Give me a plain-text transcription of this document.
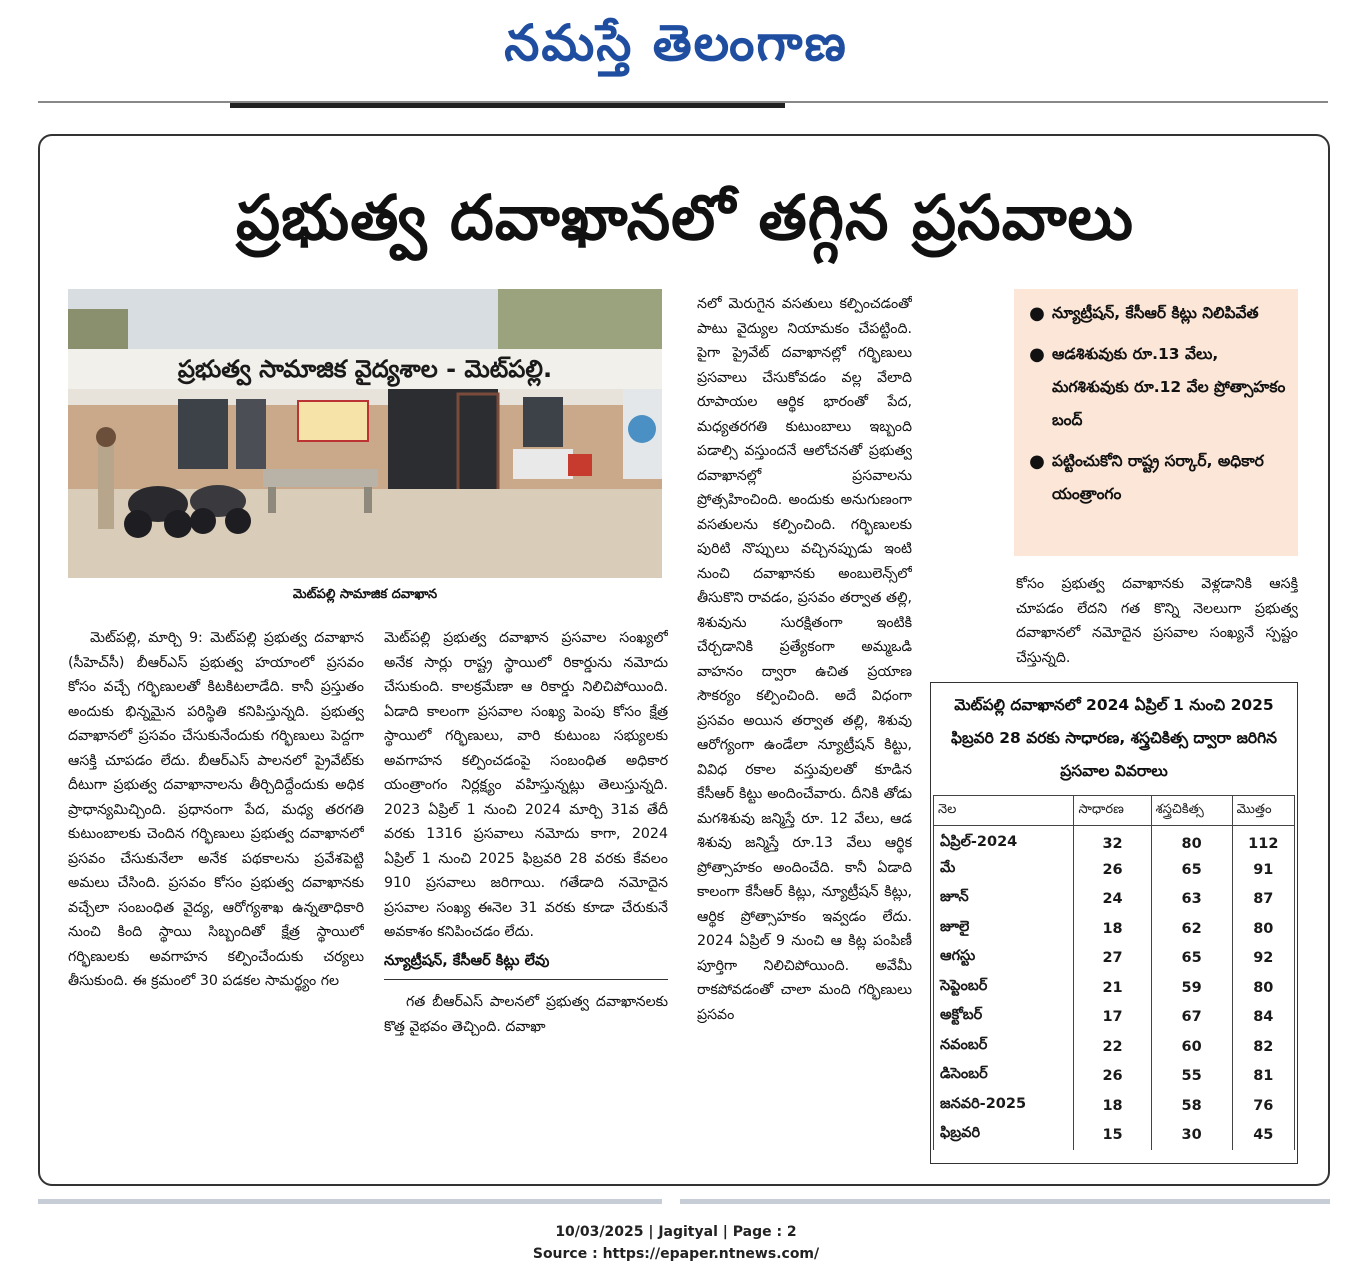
నమస్తే తెలంగాణ
ప్రభుత్వ దవాఖానలో తగ్గిన ప్రసవాలు
ప్రభుత్వ సామాజిక వైద్యశాల - మెట్‌పల్లి.
మెట్‌పల్లి సామాజిక దవాఖాన

మెట్‌పల్లి, మార్చి 9: మెట్‌పల్లి ప్రభుత్వ దవాఖాన (సీహెచ్‌సీ) బీఆర్‌ఎస్ ప్రభుత్వ హయాంలో ప్రసవం కోసం వచ్చే గర్భిణులతో కిటకిటలాడేది. కానీ ప్రస్తుతం అందుకు భిన్నమైన పరిస్థితి కనిపిస్తున్నది. ప్రభుత్వ దవాఖానలో ప్రసవం చేసుకునేందుకు గర్భిణులు పెద్దగా ఆసక్తి చూపడం లేదు. బీఆర్‌ఎస్ పాలనలో ప్రైవేట్‌కు దీటుగా ప్రభుత్వ దవాఖానాలను తీర్చిదిద్దేందుకు అధిక ప్రాధాన్యమిచ్చింది. ప్రధానంగా పేద, మధ్య తరగతి కుటుంబాలకు చెందిన గర్భిణులు ప్రభుత్వ దవాఖానలో ప్రసవం చేసుకునేలా అనేక పథకాలను ప్రవేశపెట్టి అమలు చేసింది. ప్రసవం కోసం ప్రభుత్వ దవాఖానకు వచ్చేలా సంబంధిత వైద్య, ఆరోగ్యశాఖ ఉన్నతాధికారి నుంచి కింది స్థాయి సిబ్బందితో క్షేత్ర స్థాయిలో గర్భిణులకు అవగాహన కల్పించేందుకు చర్యలు తీసుకుంది. ఈ క్రమంలో 30 పడకల సామర్థ్యం గల

మెట్‌పల్లి ప్రభుత్వ దవాఖాన ప్రసవాల సంఖ్యలో అనేక సార్లు రాష్ట్ర స్థాయిలో రికార్డును నమోదు చేసుకుంది. కాలక్రమేణా ఆ రికార్డు నిలిచిపోయింది. ఏడాది కాలంగా ప్రసవాల సంఖ్య పెంపు కోసం క్షేత్ర స్థాయిలో గర్భిణులు, వారి కుటుంబ సభ్యులకు అవగాహన కల్పించడంపై సంబంధిత అధికార యంత్రాంగం నిర్లక్ష్యం వహిస్తున్నట్లు తెలుస్తున్నది. 2023 ఏప్రిల్ 1 నుంచి 2024 మార్చి 31వ తేదీ వరకు 1316 ప్రసవాలు నమోదు కాగా, 2024 ఏప్రిల్ 1 నుంచి 2025 ఫిబ్రవరి 28 వరకు కేవలం 910 ప్రసవాలు జరిగాయి. గతేడాది నమోదైన ప్రసవాల సంఖ్య ఈనెల 31 వరకు కూడా చేరుకునే అవకాశం కనిపించడం లేదు.

న్యూట్రీషన్, కేసీఆర్ కిట్లు లేవు

గత బీఆర్‌ఎస్ పాలనలో ప్రభుత్వ దవాఖానలకు కొత్త వైభవం తెచ్చింది. దవాఖా

నలో మెరుగైన వసతులు కల్పించడంతో పాటు వైద్యుల నియామకం చేపట్టింది. పైగా ప్రైవేట్ దవాఖానల్లో గర్భిణులు ప్రసవాలు చేసుకోవడం వల్ల వేలాది రూపాయల ఆర్థిక భారంతో పేద, మధ్యతరగతి కుటుంబాలు ఇబ్బంది పడాల్సి వస్తుందనే ఆలోచనతో ప్రభుత్వ దవాఖానల్లో ప్రసవాలను ప్రోత్సహించింది. అందుకు అనుగుణంగా వసతులను కల్పించింది. గర్భిణులకు పురిటి నొప్పులు వచ్చినప్పుడు ఇంటి నుంచి దవాఖానకు అంబులెన్స్‌లో తీసుకొని రావడం, ప్రసవం తర్వాత తల్లి, శిశువును సురక్షితంగా ఇంటికి చేర్చడానికి ప్రత్యేకంగా అమ్మఒడి వాహనం ద్వారా ఉచిత ప్రయాణ సౌకర్యం కల్పించింది. అదే విధంగా ప్రసవం అయిన తర్వాత తల్లి, శిశువు ఆరోగ్యంగా ఉండేలా న్యూట్రీషన్ కిట్టు, వివిధ రకాల వస్తువులతో కూడిన కేసీఆర్ కిట్టు అందించేవారు. దీనికి తోడు మగశిశువు జన్మిస్తే రూ. 12 వేలు, ఆడ శిశువు జన్మిస్తే రూ.13 వేలు ఆర్థిక ప్రోత్సాహకం అందించేది. కానీ ఏడాది కాలంగా కేసీఆర్ కిట్లు, న్యూట్రీషన్ కిట్లు, ఆర్థిక ప్రోత్సాహకం ఇవ్వడం లేదు. 2024 ఏప్రిల్ 9 నుంచి ఆ కిట్ల పంపిణీ పూర్తిగా నిలిచిపోయింది. అవేమీ రాకపోవడంతో చాలా మంది గర్భిణులు ప్రసవం

● న్యూట్రీషన్, కేసీఆర్ కిట్లు నిలిపివేత
● ఆడశిశువుకు రూ.13 వేలు, మగశిశువుకు రూ.12 వేల ప్రోత్సాహకం బంద్
● పట్టించుకోని రాష్ట్ర సర్కార్, అధికార యంత్రాంగం

కోసం ప్రభుత్వ దవాఖానకు వెళ్లడానికి ఆసక్తి చూపడం లేదని గత కొన్ని నెలలుగా ప్రభుత్వ దవాఖానలో నమోదైన ప్రసవాల సంఖ్యనే స్పష్టం చేస్తున్నది.

మెట్‌పల్లి దవాఖానలో 2024 ఏప్రిల్ 1 నుంచి 2025 ఫిబ్రవరి 28 వరకు సాధారణ, శస్త్రచికిత్స ద్వారా జరిగిన ప్రసవాల వివరాలు
నెల	సాధారణ	శస్త్రచికిత్స	మొత్తం
ఏప్రిల్-2024	32	80	112
మే	26	65	91
జూన్	24	63	87
జూలై	18	62	80
ఆగస్టు	27	65	92
సెప్టెంబర్	21	59	80
అక్టోబర్	17	67	84
నవంబర్	22	60	82
డిసెంబర్	26	55	81
జనవరి-2025	18	58	76
ఫిబ్రవరి	15	30	45
10/03/2025 | Jagityal | Page : 2
Source : https://epaper.ntnews.com/
